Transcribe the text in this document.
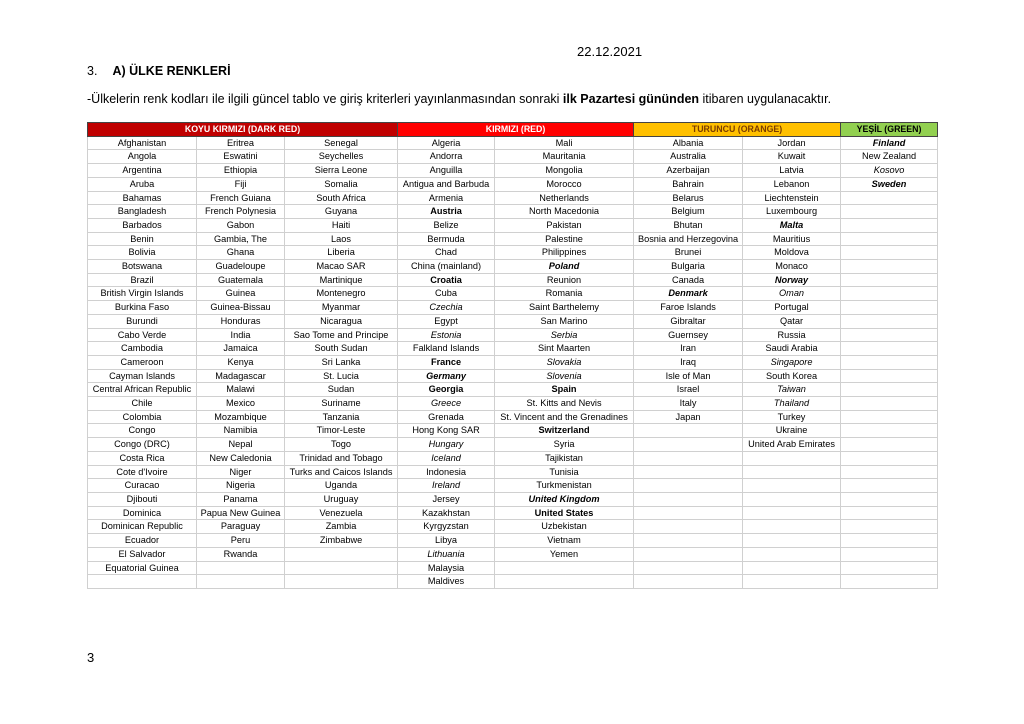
22.12.2021
3. A) ÜLKE RENKLERİ
-Ülkelerin renk kodları ile ilgili güncel tablo ve giriş kriterleri yayınlanmasından sonraki ilk Pazartesi gününden itibaren uygulanacaktır.
KOYU KIRMIZI (DARK RED)			KIRMIZI (RED)		TURUNCU (ORANGE)		YEŞİL (GREEN)
Afghanistan	Eritrea	Senegal	Algeria	Mali	Albania	Jordan	Finland
Angola	Eswatini	Seychelles	Andorra	Mauritania	Australia	Kuwait	New Zealand
Argentina	Ethiopia	Sierra Leone	Anguilla	Mongolia	Azerbaijan	Latvia	Kosovo
Aruba	Fiji	Somalia	Antigua and Barbuda	Morocco	Bahrain	Lebanon	Sweden
Bahamas	French Guiana	South Africa	Armenia	Netherlands	Belarus	Liechtenstein	
Bangladesh	French Polynesia	Guyana	Austria	North Macedonia	Belgium	Luxembourg	
Barbados	Gabon	Haiti	Belize	Pakistan	Bhutan	Malta	
Benin	Gambia, The	Laos	Bermuda	Palestine	Bosnia and Herzegovina	Mauritius	
Bolivia	Ghana	Liberia	Chad	Philippines	Brunei	Moldova	
Botswana	Guadeloupe	Macao SAR	China (mainland)	Poland	Bulgaria	Monaco	
Brazil	Guatemala	Martinique	Croatia	Reunion	Canada	Norway	
British Virgin Islands	Guinea	Montenegro	Cuba	Romania	Denmark	Oman	
Burkina Faso	Guinea-Bissau	Myanmar	Czechia	Saint Barthelemy	Faroe Islands	Portugal	
Burundi	Honduras	Nicaragua	Egypt	San Marino	Gibraltar	Qatar	
Cabo Verde	India	Sao Tome and Principe	Estonia	Serbia	Guernsey	Russia	
Cambodia	Jamaica	South Sudan	Falkland Islands	Sint Maarten	Iran	Saudi Arabia	
Cameroon	Kenya	Sri Lanka	France	Slovakia	Iraq	Singapore	
Cayman Islands	Madagascar	St. Lucia	Germany	Slovenia	Isle of Man	South Korea	
Central African Republic	Malawi	Sudan	Georgia	Spain	Israel	Taiwan	
Chile	Mexico	Suriname	Greece	St. Kitts and Nevis	Italy	Thailand	
Colombia	Mozambique	Tanzania	Grenada	St. Vincent and the Grenadines	Japan	Turkey	
Congo	Namibia	Timor-Leste	Hong Kong SAR	Switzerland		Ukraine	
Congo (DRC)	Nepal	Togo	Hungary	Syria		United Arab Emirates	
Costa Rica	New Caledonia	Trinidad and Tobago	Iceland	Tajikistan			
Cote d'Ivoire	Niger	Turks and Caicos Islands	Indonesia	Tunisia			
Curacao	Nigeria	Uganda	Ireland	Turkmenistan			
Djibouti	Panama	Uruguay	Jersey	United Kingdom			
Dominica	Papua New Guinea	Venezuela	Kazakhstan	United States			
Dominican Republic	Paraguay	Zambia	Kyrgyzstan	Uzbekistan			
Ecuador	Peru	Zimbabwe	Libya	Vietnam			
El Salvador	Rwanda		Lithuania	Yemen			
Equatorial Guinea			Malaysia				
			Maldives				
3
